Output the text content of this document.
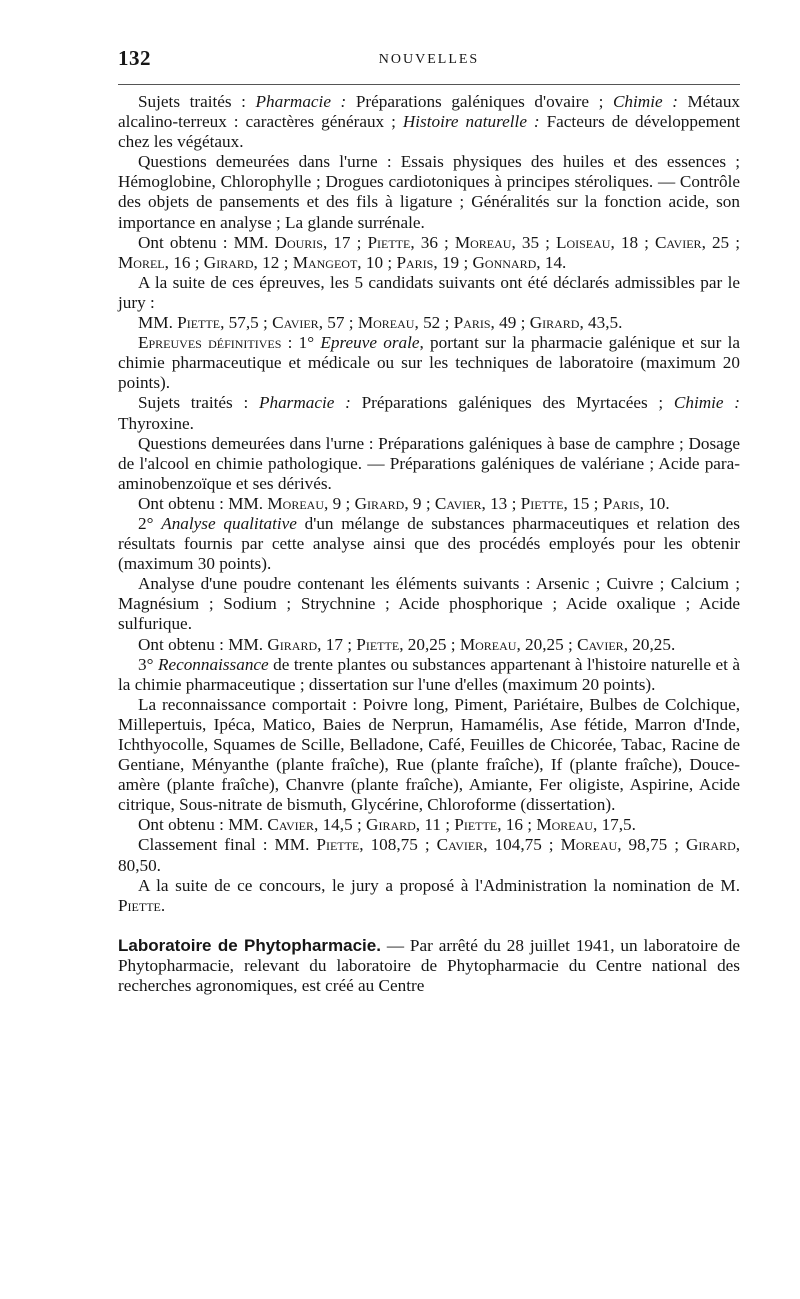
132	NOUVELLES

Sujets traités : Pharmacie : Préparations galéniques d'ovaire ; Chimie : Métaux alcalino-terreux : caractères généraux ; Histoire naturelle : Facteurs de développement chez les végétaux.

Questions demeurées dans l'urne : Essais physiques des huiles et des essences ; Hémoglobine, Chlorophylle ; Drogues cardiotoniques à principes stéroliques. — Contrôle des objets de pansements et des fils à ligature ; Généralités sur la fonction acide, son importance en analyse ; La glande surrénale.

Ont obtenu : MM. Douris, 17 ; Piette, 36 ; Moreau, 35 ; Loiseau, 18 ; Cavier, 25 ; Morel, 16 ; Girard, 12 ; Mangeot, 10 ; Paris, 19 ; Gonnard, 14.

A la suite de ces épreuves, les 5 candidats suivants ont été déclarés admissibles par le jury :

MM. Piette, 57,5 ; Cavier, 57 ; Moreau, 52 ; Paris, 49 ; Girard, 43,5.

Epreuves définitives : 1° Epreuve orale, portant sur la pharmacie galénique et sur la chimie pharmaceutique et médicale ou sur les techniques de laboratoire (maximum 20 points).

Sujets traités : Pharmacie : Préparations galéniques des Myrtacées ; Chimie : Thyroxine.

Questions demeurées dans l'urne : Préparations galéniques à base de camphre ; Dosage de l'alcool en chimie pathologique. — Préparations galéniques de valériane ; Acide para-aminobenzoïque et ses dérivés.

Ont obtenu : MM. Moreau, 9 ; Girard, 9 ; Cavier, 13 ; Piette, 15 ; Paris, 10.

2° Analyse qualitative d'un mélange de substances pharmaceutiques et relation des résultats fournis par cette analyse ainsi que des procédés employés pour les obtenir (maximum 30 points).

Analyse d'une poudre contenant les éléments suivants : Arsenic ; Cuivre ; Calcium ; Magnésium ; Sodium ; Strychnine ; Acide phosphorique ; Acide oxalique ; Acide sulfurique.

Ont obtenu : MM. Girard, 17 ; Piette, 20,25 ; Moreau, 20,25 ; Cavier, 20,25.

3° Reconnaissance de trente plantes ou substances appartenant à l'histoire naturelle et à la chimie pharmaceutique ; dissertation sur l'une d'elles (maximum 20 points).

La reconnaissance comportait : Poivre long, Piment, Pariétaire, Bulbes de Colchique, Millepertuis, Ipéca, Matico, Baies de Nerprun, Hamamélis, Ase fétide, Marron d'Inde, Ichthyocolle, Squames de Scille, Belladone, Café, Feuilles de Chicorée, Tabac, Racine de Gentiane, Ményanthe (plante fraîche), Rue (plante fraîche), If (plante fraîche), Douce-amère (plante fraîche), Chanvre (plante fraîche), Amiante, Fer oligiste, Aspirine, Acide citrique, Sous-nitrate de bismuth, Glycérine, Chloroforme (dissertation).

Ont obtenu : MM. Cavier, 14,5 ; Girard, 11 ; Piette, 16 ; Moreau, 17,5.

Classement final : MM. Piette, 108,75 ; Cavier, 104,75 ; Moreau, 98,75 ; Girard, 80,50.

A la suite de ce concours, le jury a proposé à l'Administration la nomination de M. Piette.

Laboratoire de Phytopharmacie. — Par arrêté du 28 juillet 1941, un laboratoire de Phytopharmacie, relevant du laboratoire de Phytopharmacie du Centre national des recherches agronomiques, est créé au Centre
